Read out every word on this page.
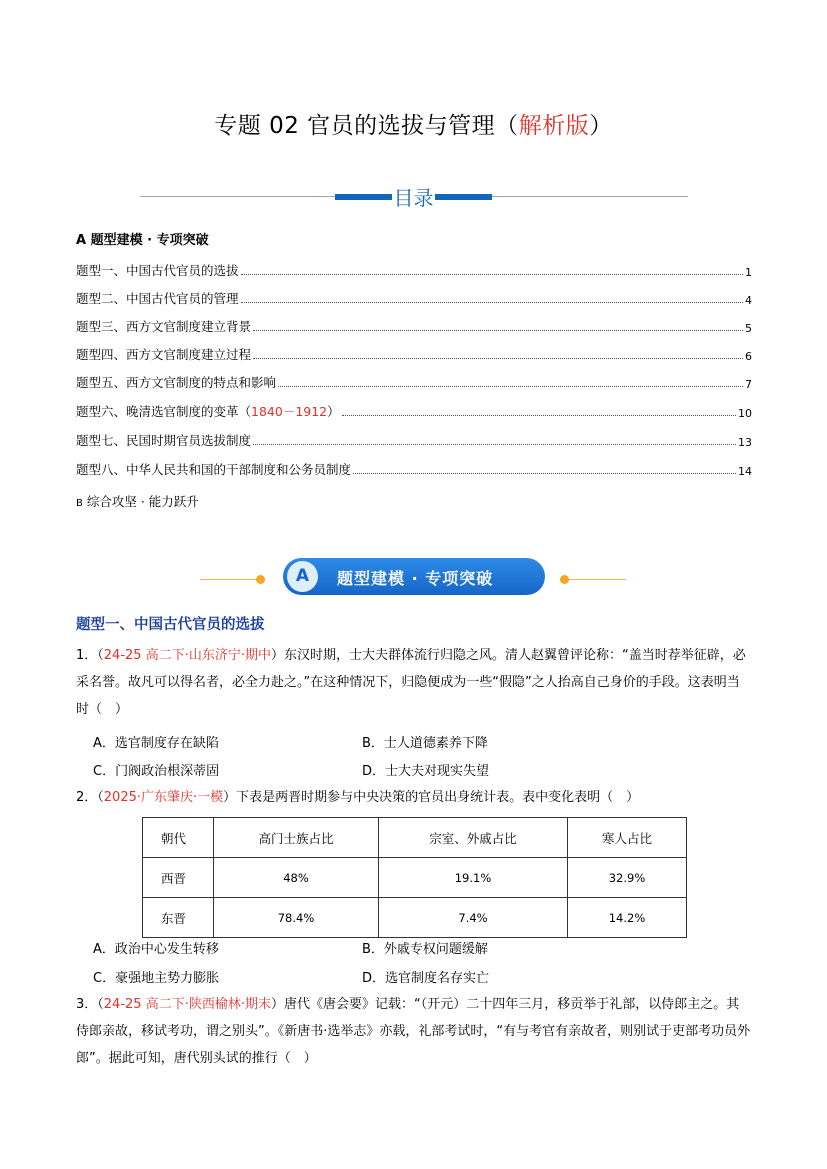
专题 02 官员的选拔与管理（解析版）
目录
A 题型建模 · 专项突破
题型一、中国古代官员的选拔	1
题型二、中国古代官员的管理	4
题型三、西方文官制度建立背景	5
题型四、西方文官制度建立过程	6
题型五、西方文官制度的特点和影响	7
题型六、晚清选官制度的变革（1840－1912）	10
题型七、民国时期官员选拔制度	13
题型八、中华人民共和国的干部制度和公务员制度	14
B 综合攻坚 · 能力跃升
A	题型建模 · 专项突破
题型一、中国古代官员的选拔
1．（24-25 高二下·山东济宁·期中）东汉时期，士大夫群体流行归隐之风。清人赵翼曾评论称：“盖当时荐举征辟，必采名誉。故凡可以得名者，必全力赴之。”在这种情况下，归隐便成为一些“假隐”之人抬高自己身价的手段。这表明当时（　）
A．选官制度存在缺陷	B．士人道德素养下降
C．门阀政治根深蒂固	D．士大夫对现实失望
2．（2025·广东肇庆·一模）下表是两晋时期参与中央决策的官员出身统计表。表中变化表明（　）
朝代	高门士族占比	宗室、外戚占比	寒人占比
西晋	48%	19.1%	32.9%
东晋	78.4%	7.4%	14.2%
A．政治中心发生转移	B．外戚专权问题缓解
C．豪强地主势力膨胀	D．选官制度名存实亡
3．（24-25 高二下·陕西榆林·期末）唐代《唐会要》记载：“（开元）二十四年三月，移贡举于礼部，以侍郎主之。其侍郎亲故，移试考功，谓之别头”。《新唐书·选举志》亦载，礼部考试时，“有与考官有亲故者，则别试于吏部考功员外郎”。据此可知，唐代别头试的推行（　）
